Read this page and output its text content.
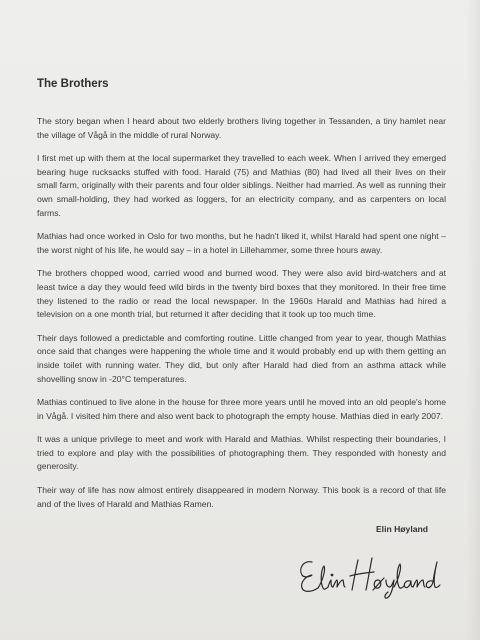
The Brothers

The story began when I heard about two elderly brothers living together in Tessanden, a tiny hamlet near the village of Vågå in the middle of rural Norway.

I first met up with them at the local supermarket they travelled to each week. When I arrived they emerged bearing huge rucksacks stuffed with food. Harald (75) and Mathias (80) had lived all their lives on their small farm, originally with their parents and four older siblings. Neither had married. As well as running their own small-holding, they had worked as loggers, for an electricity company, and as carpenters on local farms.

Mathias had once worked in Oslo for two months, but he hadn't liked it, whilst Harald had spent one night – the worst night of his life, he would say – in a hotel in Lillehammer, some three hours away.

The brothers chopped wood, carried wood and burned wood. They were also avid bird-watchers and at least twice a day they would feed wild birds in the twenty bird boxes that they monitored. In their free time they listened to the radio or read the local newspaper. In the 1960s Harald and Mathias had hired a television on a one month trial, but returned it after deciding that it took up too much time.

Their days followed a predictable and comforting routine. Little changed from year to year, though Mathias once said that changes were happening the whole time and it would probably end up with them getting an inside toilet with running water. They did, but only after Harald had died from an asthma attack while shovelling snow in -20°C temperatures.

Mathias continued to live alone in the house for three more years until he moved into an old people's home in Vågå. I visited him there and also went back to photograph the empty house. Mathias died in early 2007.

It was a unique privilege to meet and work with Harald and Mathias. Whilst respecting their boundaries, I tried to explore and play with the possibilities of photographing them. They responded with honesty and generosity.

Their way of life has now almost entirely disappeared in modern Norway. This book is a record of that life and of the lives of Harald and Mathias Ramen.

Elin Høyland
